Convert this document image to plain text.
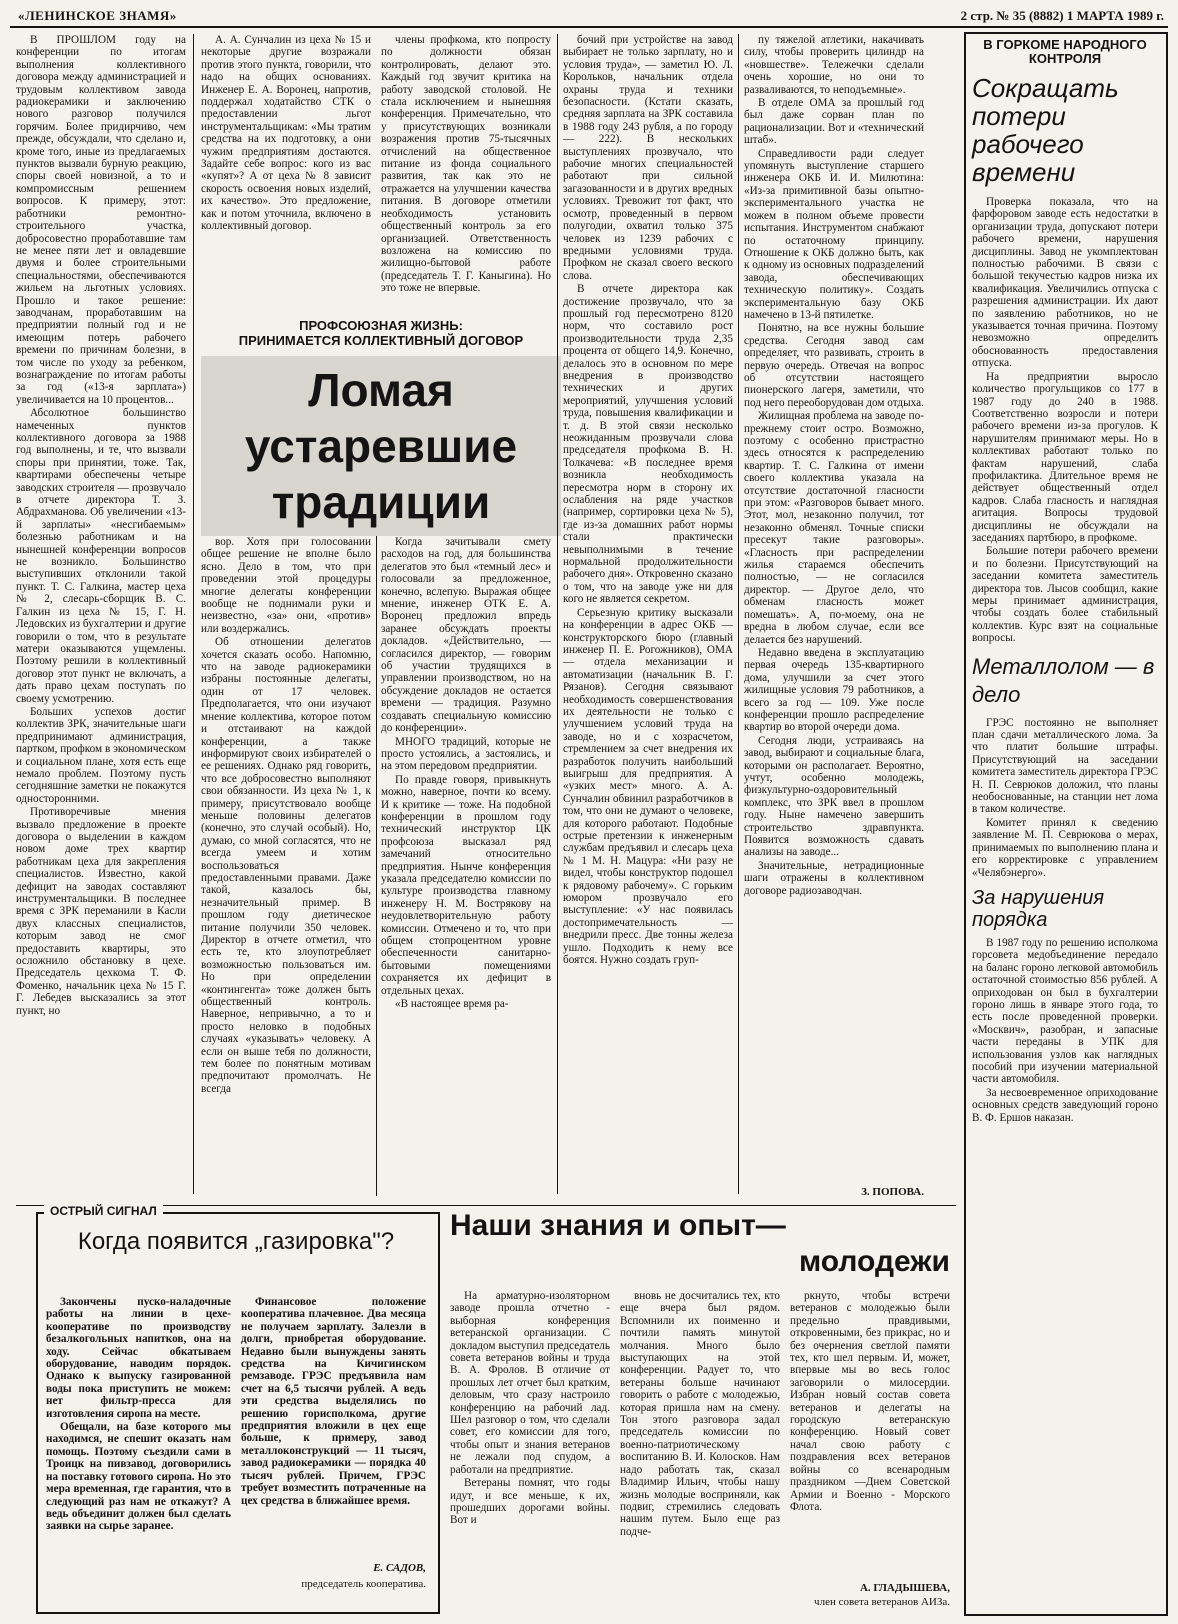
«ЛЕНИНСКОЕ ЗНАМЯ»	2 стр. № 35 (8882) 1 МАРТА 1989 г.

В ПРОШЛОМ году на конференции по итогам выполнения коллективного договора между администрацией и трудовым коллективом завода радиокерамики и заключению нового разговор получился горячим. Более придирчиво, чем прежде, обсуждали, что сделано и, кроме того, иные из предлагаемых пунктов вызвали бурную реакцию, споры своей новизной, а то и компромиссным решением вопросов. К примеру, этот: работники ремонтно-строительного участка, добросовестно проработавшие там не менее пяти лет и овладевшие двумя и более строительными специальностями, обеспечиваются жильем на льготных условиях. Прошло и такое решение: заводчанам, проработавшим на предприятии полный год и не имеющим потерь рабочего времени по причинам болезни, в том числе по уходу за ребенком, вознаграждение по итогам работы за год («13-я зарплата») увеличивается на 10 процентов...

Абсолютное большинство намеченных пунктов коллективного договора за 1988 год выполнены, и те, что вызвали споры при принятии, тоже. Так, квартирами обеспечены четыре заводских строителя — прозвучало в отчете директора Т. З. Абдрахманова. Об увеличении «13-й зарплаты» «несгибаемым» болезнью работникам и на нынешней конференции вопросов не возникло. Большинство выступивших отклонили такой пункт. Т. С. Галкина, мастер цеха № 2, слесарь-сборщик В. С. Галкин из цеха № 15, Г. Н. Ледовских из бухгалтерии и другие говорили о том, что в результате матери оказываются ущемлены. Поэтому решили в коллективный договор этот пункт не включать, а дать право цехам поступать по своему усмотрению.

Больших успехов достиг коллектив ЗРК, значительные шаги предпринимают администрация, партком, профком в экономическом и социальном плане, хотя есть еще немало проблем. Поэтому пусть сегодняшние заметки не покажутся односторонними.

Противоречивые мнения вызвало предложение в проекте договора о выделении в каждом новом доме трех квартир работникам цеха для закрепления специалистов. Известно, какой дефицит на заводах составляют инструментальщики. В последнее время с ЗРК переманили в Касли двух классных специалистов, которым завод не смог предоставить квартиры, это осложнило обстановку в цехе. Председатель цехкома Т. Ф. Фоменко, начальник цеха № 15 Г. Г. Лебедев высказались за этот пункт, но

А. А. Сунчалин из цеха № 15 и некоторые другие возражали против этого пункта, говорили, что надо на общих основаниях. Инженер Е. А. Воронец, напротив, поддержал ходатайство СТК о предоставлении льгот инструментальщикам: «Мы тратим средства на их подготовку, а они чужим предприятиям достаются. Задайте себе вопрос: кого из вас «купят»? А от цеха № 8 зависит скорость освоения новых изделий, их качество». Это предложение, как и потом уточнила, включено в коллективный договор.

члены профкома, кто попросту по должности обязан контролировать, делают это. Каждый год звучит критика на работу заводской столовой. Не стала исключением и нынешняя конференция. Примечательно, что у присутствующих возникали возражения против 75-тысячных отчислений на общественное питание из фонда социального развития, так как это не отражается на улучшении качества питания. В договоре отметили необходимость установить общественный контроль за его организацией. Ответственность возложена на комиссию по жилищно-бытовой работе (председатель Т. Г. Каныгина). Но это тоже не впервые.

ПРОФСОЮЗНАЯ ЖИЗНЬ:
ПРИНИМАЕТСЯ КОЛЛЕКТИВНЫЙ ДОГОВОР
Ломая устаревшие традиции

вор. Хотя при голосовании общее решение не вполне было ясно. Дело в том, что при проведении этой процедуры многие делегаты конференции вообще не поднимали руки и неизвестно, «за» они, «против» или воздержались.

Об отношении делегатов хочется сказать особо. Напомню, что на заводе радиокерамики избраны постоянные делегаты, один от 17 человек. Предполагается, что они изучают мнение коллектива, которое потом и отстаивают на каждой конференции, а также информируют своих избирателей о ее решениях. Однако ряд говорить, что все добросовестно выполняют свои обязанности. Из цеха № 1, к примеру, присутствовало вообще меньше половины делегатов (конечно, это случай особый). Но, думаю, со мной согласятся, что не всегда умеем и хотим воспользоваться предоставленными правами. Даже такой, казалось бы, незначительный пример. В прошлом году диетическое питание получили 350 человек. Директор в отчете отметил, что есть те, кто злоупотребляет возможностью пользоваться им. Но при определении «контингента» тоже должен быть общественный контроль. Наверное, непривычно, а то и просто неловко в подобных случаях «указывать» человеку. А если он выше тебя по должности, тем более по понятным мотивам предпочитают промолчать. Не всегда

Когда зачитывали смету расходов на год, для большинства делегатов это был «темный лес» и голосовали за предложенное, конечно, вслепую. Выражая общее мнение, инженер ОТК Е. А. Воронец предложил впредь заранее обсуждать проекты докладов. «Действительно, — согласился директор, — говорим об участии трудящихся в управлении производством, но на обсуждение докладов не остается времени — традиция. Разумно создавать специальную комиссию до конференции».

МНОГО традиций, которые не просто устоялись, а застоялись, и на этом передовом предприятии.

По правде говоря, привыкнуть можно, наверное, почти ко всему. И к критике — тоже. На подобной конференции в прошлом году технический инструктор ЦК профсоюза высказал ряд замечаний относительно предприятия. Нынче конференция указала председателю комиссии по культуре производства главному инженеру Н. М. Вострякову на неудовлетворительную работу комиссии. Отмечено и то, что при общем стопроцентном уровне обеспеченности санитарно-бытовыми помещениями сохраняется их дефицит в отдельных цехах.

«В настоящее время ра-

бочий при устройстве на завод выбирает не только зарплату, но и условия труда», — заметил Ю. Л. Корольков, начальник отдела охраны труда и техники безопасности. (Кстати сказать, средняя зарплата на ЗРК составила в 1988 году 243 рубля, а по городу — 222). В нескольких выступлениях прозвучало, что рабочие многих специальностей работают при сильной загазованности и в других вредных условиях. Тревожит тот факт, что осмотр, проведенный в первом полугодии, охватил только 375 человек из 1239 рабочих с вредными условиями труда. Профком не сказал своего веского слова.

В отчете директора как достижение прозвучало, что за прошлый год пересмотрено 8120 норм, что составило рост производительности труда 2,35 процента от общего 14,9. Конечно, делалось это в основном по мере внедрения в производство технических и других мероприятий, улучшения условий труда, повышения квалификации и т. д. В этой связи несколько неожиданным прозвучали слова председателя профкома В. Н. Толкачева: «В последнее время возникла необходимость пересмотра норм в сторону их ослабления на ряде участков (например, сортировки цеха № 5), где из-за домашних работ нормы стали практически невыполнимыми в течение нормальной продолжительности рабочего дня». Откровенно сказано о том, что на заводе уже ни для кого не является секретом.

Серьезную критику высказали на конференции в адрес ОКБ — конструкторского бюро (главный инженер П. Е. Рогожников), ОМА — отдела механизации и автоматизации (начальник В. Г. Рязанов). Сегодня связывают необходимость совершенствования их деятельности не только с улучшением условий труда на заводе, но и с хозрасчетом, стремлением за счет внедрения их разработок получить наибольший выигрыш для предприятия. А «узких мест» много. А. А. Сунчалин обвинил разработчиков в том, что они не думают о человеке, для которого работают. Подобные острые претензии к инженерным службам предъявил и слесарь цеха № 1 М. Н. Мацура: «Ни разу не видел, чтобы конструктор подошел к рядовому рабочему». С горьким юмором прозвучало его выступление: «У нас появилась достопримечательность — внедрили пресс. Две тонны железа ушло. Подходить к нему все боятся. Нужно создать груп-

пу тяжелой атлетики, накачивать силу, чтобы проверить цилиндр на «новшестве». Тележечки сделали очень хорошие, но они то разваливаются, то неподъемные».

В отделе ОМА за прошлый год был даже сорван план по рационализации. Вот и «технический штаб».

Справедливости ради следует упомянуть выступление старшего инженера ОКБ И. И. Милютина: «Из-за примитивной базы опытно-экспериментального участка не можем в полном объеме провести испытания. Инструментом снабжают по остаточному принципу. Отношение к ОКБ должно быть, как к одному из основных подразделений завода, обеспечивающих техническую политику». Создать экспериментальную базу ОКБ намечено в 13-й пятилетке.

Понятно, на все нужны большие средства. Сегодня завод сам определяет, что развивать, строить в первую очередь. Отвечая на вопрос об отсутствии настоящего пионерского лагеря, заметили, что под него переоборудован дом отдыха.

Жилищная проблема на заводе по-прежнему стоит остро. Возможно, поэтому с особенно пристрастно здесь относятся к распределению квартир. Т. С. Галкина от имени своего коллектива указала на отсутствие достаточной гласности при этом: «Разговоров бывает много. Этот, мол, незаконно получил, тот незаконно обменял. Точные списки пресекут такие разговоры». «Гласность при распределении жилья стараемся обеспечить полностью, — не согласился директор. — Другое дело, что обменам гласность может помешать». А, по-моему, она не вредна в любом случае, если все делается без нарушений.

Недавно введена в эксплуатацию первая очередь 135-квартирного дома, улучшили за счет этого жилищные условия 79 работников, а всего за год — 109. Уже после конференции прошло распределение квартир во второй очереди дома.

Сегодня люди, устраиваясь на завод, выбирают и социальные блага, которыми он располагает. Вероятно, учтут, особенно молодежь, физкультурно-оздоровительный комплекс, что ЗРК ввел в прошлом году. Ныне намечено завершить строительство здравпункта. Появится возможность сдавать анализы на заводе...

Значительные, нетрадиционные шаги отражены в коллективном договоре радиозаводчан.

З. ПОПОВА.
В ГОРКОМЕ НАРОДНОГО КОНТРОЛЯ
Сокращать потери рабочего времени

Проверка показала, что на фарфоровом заводе есть недостатки в организации труда, допускают потери рабочего времени, нарушения дисциплины. Завод не укомплектован полностью рабочими. В связи с большой текучестью кадров низка их квалификация. Увеличились отпуска с разрешения администрации. Их дают по заявлению работников, но не указывается точная причина. Поэтому невозможно определить обоснованность предоставления отпуска.

На предприятии выросло количество прогульщиков со 177 в 1987 году до 240 в 1988. Соответственно возросли и потери рабочего времени из-за прогулов. К нарушителям принимают меры. Но в коллективах работают только по фактам нарушений, слаба профилактика. Длительное время не действует общественный отдел кадров. Слаба гласность и наглядная агитация. Вопросы трудовой дисциплины не обсуждали на заседаниях партбюро, в профкоме.

Большие потери рабочего времени и по болезни. Присутствующий на заседании комитета заместитель директора тов. Лысов сообщил, какие меры принимает администрация, чтобы создать более стабильный коллектив. Курс взят на социальные вопросы.

Металлолом — в дело

ГРЭС постоянно не выполняет план сдачи металлического лома. За что платит большие штрафы. Присутствующий на заседании комитета заместитель директора ГРЭС Н. П. Севрюков доложил, что планы необоснованные, на станции нет лома в таком количестве.

Комитет принял к сведению заявление М. П. Севрюкова о мерах, принимаемых по выполнению плана и его корректировке с управлением «Челябэнерго».

За нарушения порядка

В 1987 году по решению исполкома горсовета медобъединение передало на баланс гороно легковой автомобиль остаточной стоимостью 856 рублей. А оприходован он был в бухгалтерии гороно лишь в январе этого года, то есть после проведенной проверки. «Москвич», разобран, и запасные части переданы в УПК для использования узлов как наглядных пособий при изучении материальной части автомобиля.

За несвоевременное оприходование основных средств заведующий гороно В. Ф. Ершов наказан.

ОСТРЫЙ СИГНАЛ
Когда появится „газировка"?

Закончены пуско-наладочные работы на линии в цехе-кооперативе по производству безалкогольных напитков, она на ходу. Сейчас обкатываем оборудование, наводим порядок. Однако к выпуску газированной воды пока приступить не можем: нет фильтр-пресса для изготовления сиропа на месте.

Обещали, на базе которого мы находимся, не спешит оказать нам помощь. Поэтому съездили сами в Троицк на пивзавод, договорились на поставку готового сиропа. Но это мера временная, где гарантия, что в следующий раз нам не откажут? А ведь объединит должен был сделать заявки на сырье заранее.

Финансовое положение кооператива плачевное. Два месяца не получаем зарплату. Залезли в долги, приобретая оборудование. Недавно были вынуждены занять средства на Кичигинском ремзаводе. ГРЭС предъявила нам счет на 6,5 тысячи рублей. А ведь эти средства выделялись по решению горисполкома, другие предприятия вложили в цех еще больше, к примеру, завод металлоконструкций — 11 тысяч, завод радиокерамики — порядка 40 тысяч рублей. Причем, ГРЭС требует возместить потраченные на цех средства в ближайшее время.

Е. САДОВ,
председатель кооператива.
Наши знания и опыт—
молодежи

На арматурно-изоляторном заводе прошла отчетно - выборная конференция ветеранской организации. С докладом выступил председатель совета ветеранов войны и труда В. А. Фролов. В отличие от прошлых лет отчет был кратким, деловым, что сразу настроило конференцию на рабочий лад. Шел разговор о том, что сделали совет, его комиссии для того, чтобы опыт и знания ветеранов не лежали под спудом, а работали на предприятие.

Ветераны помнят, что годы идут, и все меньше, к их, прошедших дорогами войны. Вот и

вновь не досчитались тех, кто еще вчера был рядом. Вспомнили их поименно и почтили память минутой молчания. Много было выступающих на этой конференции. Радует то, что ветераны больше начинают говорить о работе с молодежью, которая пришла нам на смену. Тон этого разговора задал председатель комиссии по военно-патриотическому воспитанию В. И. Колосков. Нам надо работать так, сказал Владимир Ильич, чтобы нашу жизнь молодые восприняли, как подвиг, стремились следовать нашим путем. Было еще раз подче-

ркнуто, чтобы встречи ветеранов с молодежью были предельно правдивыми, откровенными, без прикрас, но и без очернения светлой памяти тех, кто шел первым. И, может, впервые мы во весь голос заговорили о милосердии. Избран новый состав совета ветеранов и делегаты на городскую ветеранскую конференцию. Новый совет начал свою работу с поздравления всех ветеранов войны со всенародным праздником —Днем Советской Армии и Военно - Морского Флота.

А. ГЛАДЫШЕВА,
член совета ветеранов АИЗа.
